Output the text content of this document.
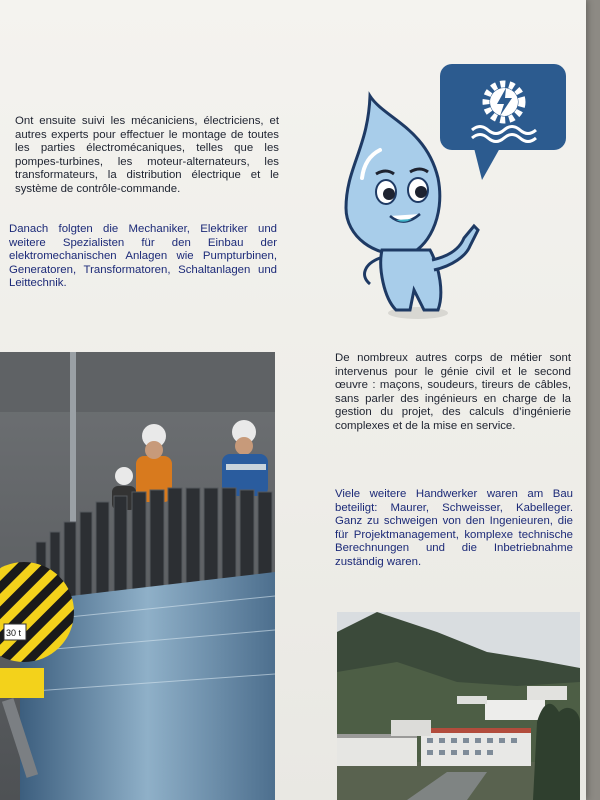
Ont ensuite suivi les mécaniciens, électriciens, et autres experts pour effectuer le montage de toutes les parties électromécaniques, telles que les pompes-turbines, les moteur-alternateurs, les transformateurs, la distribution électrique et le système de contrôle-commande.

Danach folgten die Mechaniker, Elektriker und weitere Spezialisten für den Einbau der elektromechanischen Anlagen wie Pumpturbinen, Generatoren, Transformatoren, Schaltanlagen und Leittechnik.

30 t

De nombreux autres corps de métier sont intervenus pour le génie civil et le second œuvre : maçons, soudeurs, tireurs de câbles, sans parler des ingénieurs en charge de la gestion du projet, des calculs d’ingénierie complexes et de la mise en service.

Viele weitere Handwerker waren am Bau beteiligt: Maurer, Schweisser, Kabelleger. Ganz zu schweigen von den Ingenieuren, die für Projektmanagement, komplexe technische Berechnungen und die Inbetriebnahme zuständig waren.
